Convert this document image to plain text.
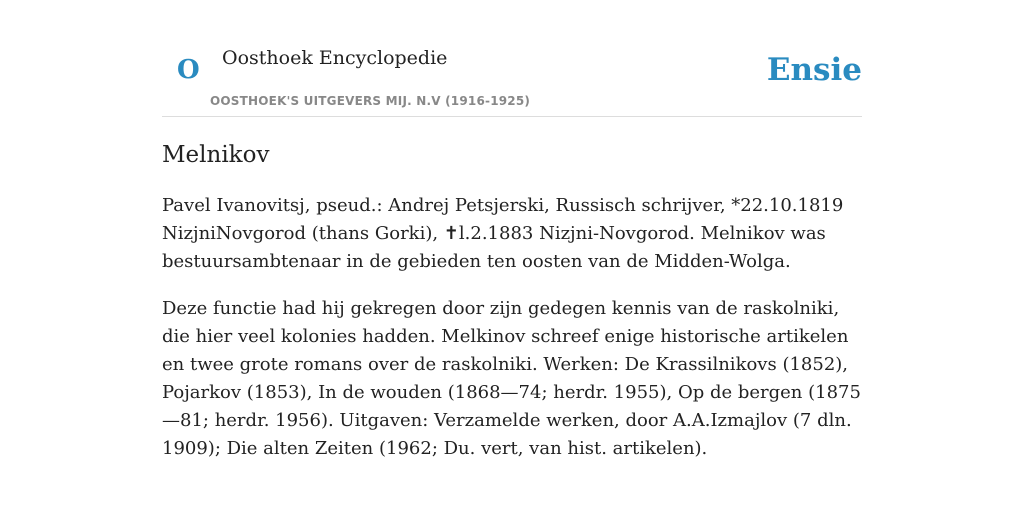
O Oosthoek Encyclopedie
OOSTHOEK'S UITGEVERS MIJ. N.V (1916-1925)
Ensie
Melnikov

Pavel Ivanovitsj, pseud.: Andrej Petsjerski, Russisch schrijver, *22.10.1819 NizjniNovgorod (thans Gorki), ✝l.2.1883 Nizjni-Novgorod. Melnikov was bestuursambtenaar in de gebieden ten oosten van de Midden-Wolga.

Deze functie had hij gekregen door zijn gedegen kennis van de raskolniki, die hier veel kolonies hadden. Melkinov schreef enige historische artikelen en twee grote romans over de raskolniki. Werken: De Krassilnikovs (1852), Pojarkov (1853), In de wouden (1868—74; herdr. 1955), Op de bergen (1875—81; herdr. 1956). Uitgaven: Verzamelde werken, door A.A.Izmajlov (7 dln. 1909); Die alten Zeiten (1962; Du. vert, van hist. artikelen).
